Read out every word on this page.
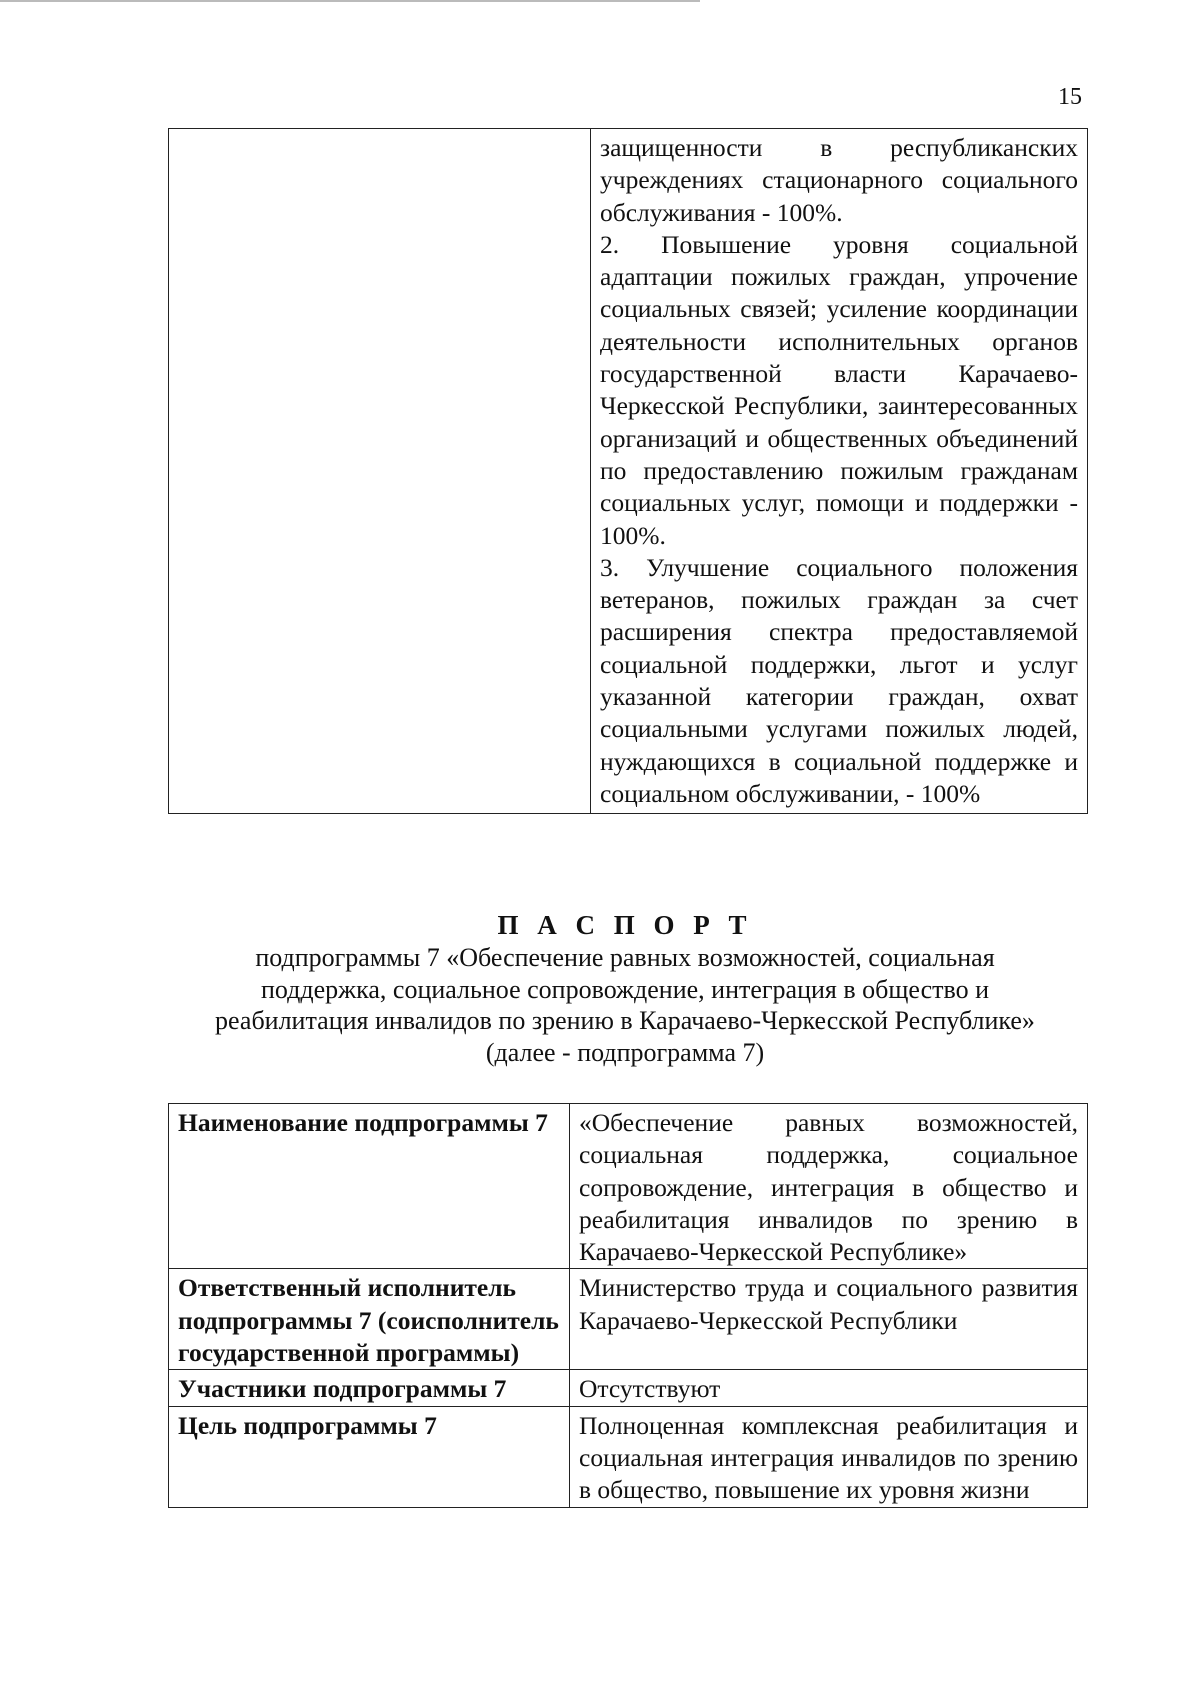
15

защищенности в республиканских учреждениях стационарного социального обслуживания - 100%.

2. Повышение уровня социальной адаптации пожилых граждан, упрочение социальных связей; усиление координации деятельности исполнительных органов государственной власти Карачаево-Черкесской Республики, заинтересованных организаций и общественных объединений по предоставлению пожилым гражданам социальных услуг, помощи и поддержки - 100%.

3. Улучшение социального положения ветеранов, пожилых граждан за счет расширения спектра предоставляемой социальной поддержки, льгот и услуг указанной категории граждан, охват социальными услугами пожилых людей, нуждающихся в социальной поддержке и социальном обслуживании, - 100%

П А С П О Р Т
подпрограммы 7 «Обеспечение равных возможностей, социальная
поддержка, социальное сопровождение, интеграция в общество и
реабилитация инвалидов по зрению в Карачаево-Черкесской Республике»
(далее - подпрограмма 7)
Наименование подпрограммы 7	«Обеспечение равных возможностей, социальная поддержка, социальное сопровождение, интеграция в общество и реабилитация инвалидов по зрению в Карачаево-Черкесской Республике»
Ответственный исполнитель подпрограммы 7 (соисполнитель государственной программы)	Министерство труда и социального развития Карачаево-Черкесской Республики
Участники подпрограммы 7	Отсутствуют
Цель подпрограммы 7	Полноценная комплексная реабилитация и социальная интеграция инвалидов по зрению в общество, повышение их уровня жизни
